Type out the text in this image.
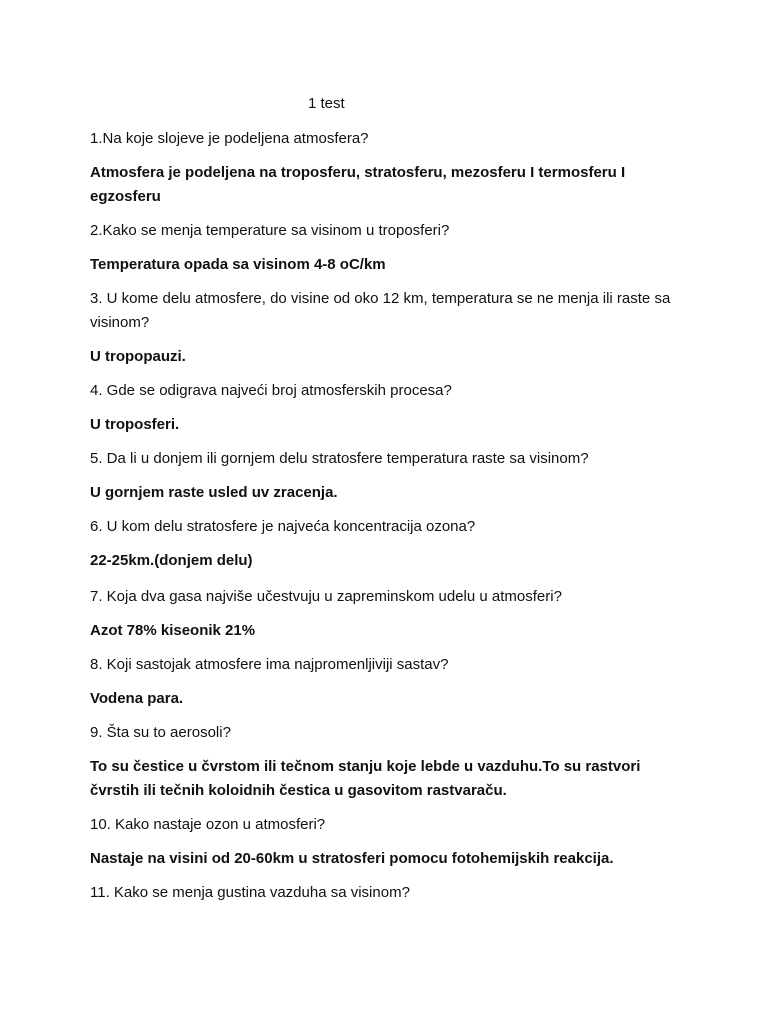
1 test

1.Na koje slojeve je podeljena atmosfera?

Atmosfera je podeljena na troposferu, stratosferu, mezosferu I termosferu I egzosferu

2.Kako se menja temperature sa visinom u troposferi?

Temperatura opada sa visinom 4-8 oC/km

3. U kome delu atmosfere, do visine od oko 12 km, temperatura se ne menja ili raste sa visinom?

U tropopauzi.

4. Gde se odigrava najveći broj atmosferskih procesa?

U troposferi.

5. Da li u donjem ili gornjem delu stratosfere temperatura raste sa visinom?

U gornjem raste usled uv zracenja.

6. U kom delu stratosfere je najveća koncentracija ozona?

22-25km.(donjem delu)

7. Koja dva gasa najviše učestvuju u zapreminskom udelu u atmosferi?

Azot 78% kiseonik 21%

8. Koji sastojak atmosfere ima najpromenljiviji sastav?

Vodena para.

9. Šta su to aerosoli?

To su čestice u čvrstom ili tečnom stanju koje lebde u vazduhu.To su rastvori čvrstih ili tečnih koloidnih čestica u gasovitom rastvaraču.

10. Kako nastaje ozon u atmosferi?

Nastaje na visini od 20-60km u stratosferi pomocu fotohemijskih reakcija.

11. Kako se menja gustina vazduha sa visinom?
